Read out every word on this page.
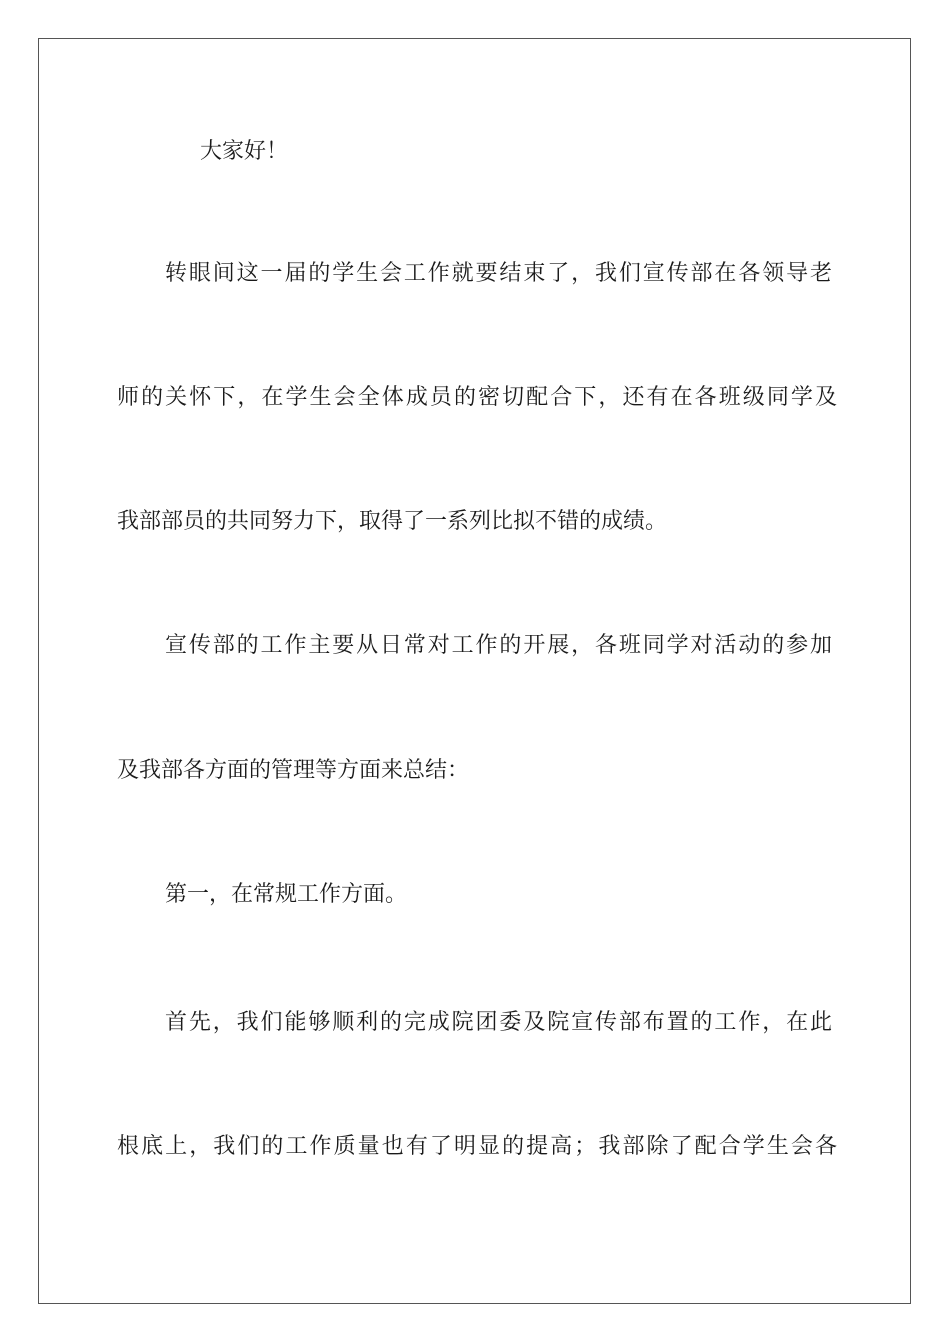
大家好！
转眼间这一届的学生会工作就要结束了，我们宣传部在各领导老
师的关怀下，在学生会全体成员的密切配合下，还有在各班级同学及
我部部员的共同努力下，取得了一系列比拟不错的成绩。
宣传部的工作主要从日常对工作的开展，各班同学对活动的参加
及我部各方面的管理等方面来总结：
第一，在常规工作方面。
首先，我们能够顺利的完成院团委及院宣传部布置的工作，在此
根底上，我们的工作质量也有了明显的提高；我部除了配合学生会各
